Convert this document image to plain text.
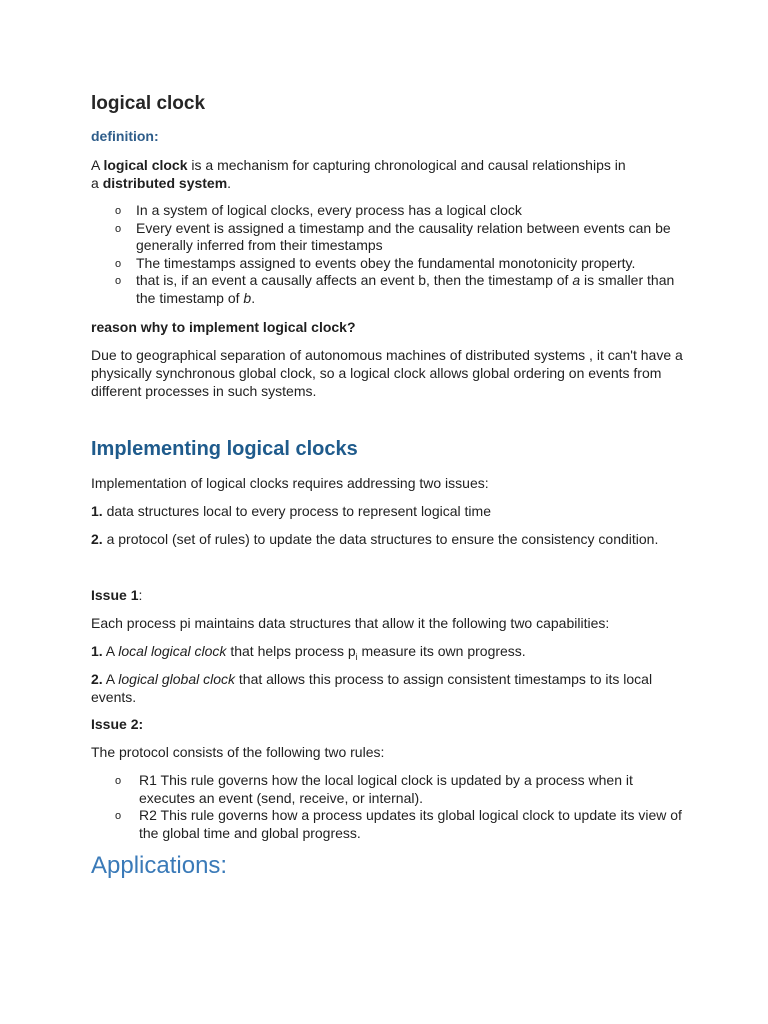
logical clock
definition:

A logical clock is a mechanism for capturing chronological and causal relationships in
a distributed system.

o In a system of logical clocks, every process has a logical clock
o Every event is assigned a timestamp and the causality relation between events can be generally inferred from their timestamps
o The timestamps assigned to events obey the fundamental monotonicity property.
o that is, if an event a causally affects an event b, then the timestamp of a is smaller than the timestamp of b.
reason why to implement logical clock?

Due to geographical separation of autonomous machines of distributed systems , it can't have a physically synchronous global clock, so a logical clock allows global ordering on events from different processes in such systems.

Implementing logical clocks

Implementation of logical clocks requires addressing two issues:

1. data structures local to every process to represent logical time

2. a protocol (set of rules) to update the data structures to ensure the consistency condition.

Issue 1:

Each process pi maintains data structures that allow it the following two capabilities:

1. A local logical clock that helps process $p_i$ measure its own progress.

2. A logical global clock that allows this process to assign consistent timestamps to its local events.

Issue 2:

The protocol consists of the following two rules:

o R1 This rule governs how the local logical clock is updated by a process when it executes an event (send, receive, or internal).
o R2 This rule governs how a process updates its global logical clock to update its view of the global time and global progress.
Applications:
